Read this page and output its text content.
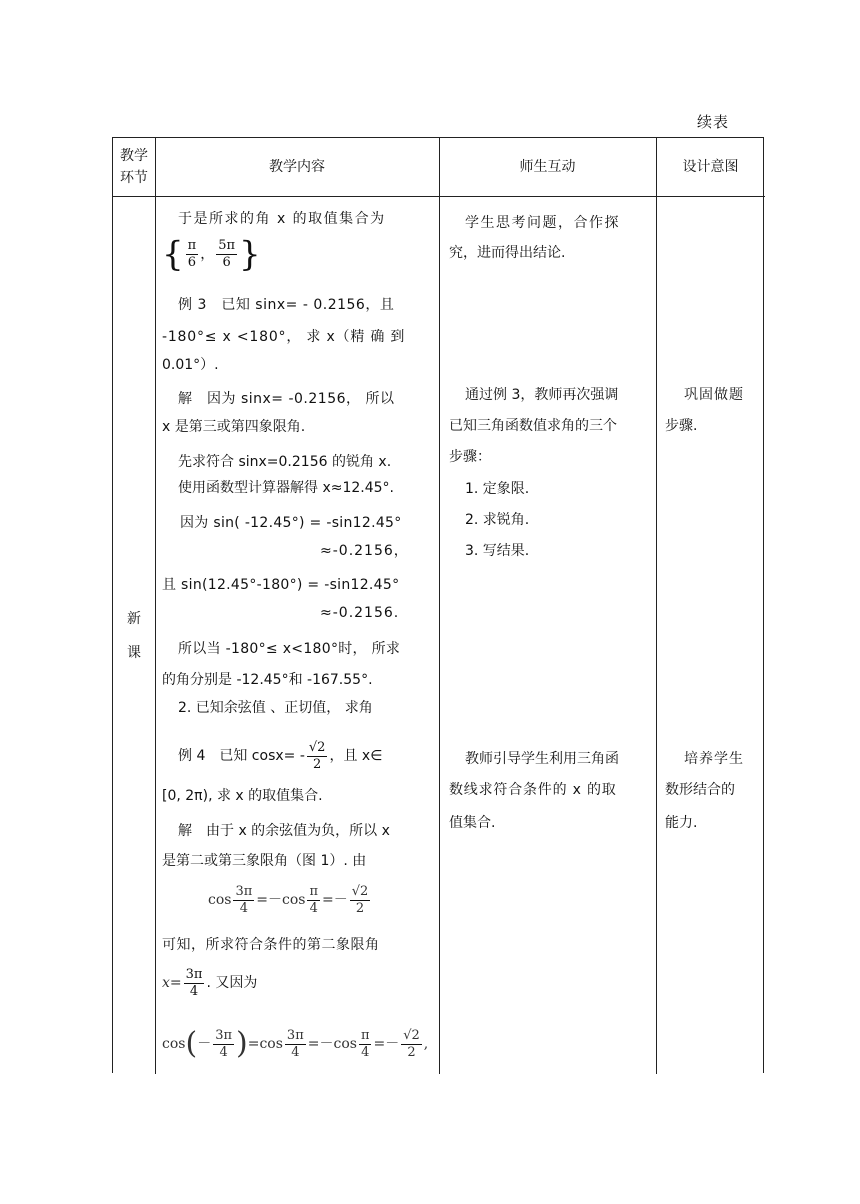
续表
教学
环节
教学内容	师生互动	设计意图
新
课
于是所求的角 x 的取值集合为
{ $\frac{\pi}{6}$ ， $\frac{5\pi}{6}$ }
例 3　已知 sinx= - 0.2156，且
-180°≤ x <180°， 求 x（精 确 到
0.01°）.
解　因为 sinx= -0.2156， 所以
x 是第三或第四象限角.
先求符合 sinx=0.2156 的锐角 x.
使用函数型计算器解得 x≈12.45°.
因为 sin( -12.45°) = -sin12.45°
≈-0.2156，
且 sin(12.45°-180°) = -sin12.45°
≈-0.2156.
所以当 -180°≤ x<180°时， 所求
的角分别是 -12.45°和 -167.55°.
2. 已知余弦值 、正切值， 求角
例 4　已知 $\cos x= - \frac{√2}{2}$ ，且 x∈
[0, 2π), 求 x 的取值集合.
解　由于 x 的余弦值为负，所以 x
是第二或第三象限角（图 1）. 由
$\cos \frac{3\pi}{4} =-\cos \frac{\pi}{4} =- \frac{√2}{2}$
可知，所求符合条件的第二象限角
$x = \frac{3\pi}{4}$ . 又因为
cos ( － $\frac{3\pi}{4}$ ) $=\cos \frac{3\pi}{4} =-\cos \frac{\pi}{4} =- \frac{√2}{2}$ ,
学生思考问题，合作探
究，进而得出结论.
通过例 3，教师再次强调
已知三角函数值求角的三个
步骤：
1. 定象限.
2. 求锐角.
3. 写结果.
教师引导学生利用三角函
数线求符合条件的 x 的取
值集合.
巩固做题
步骤.
培养学生
数形结合的
能力.
